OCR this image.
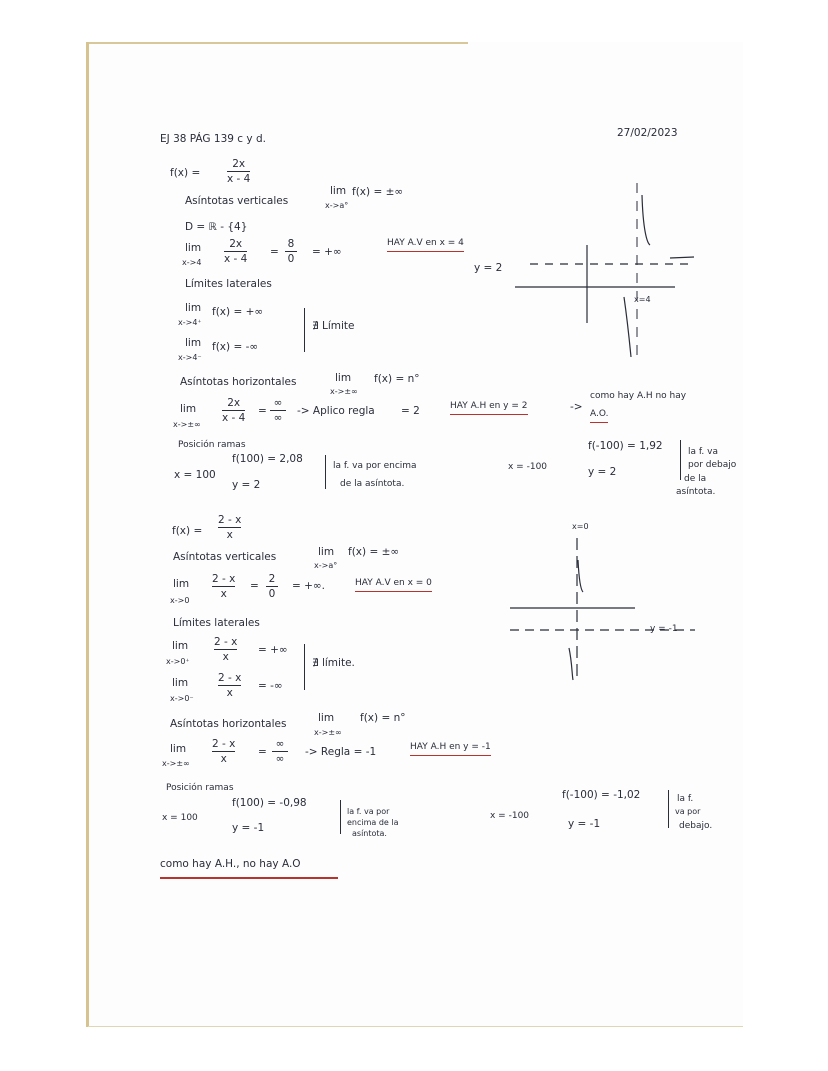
EJ 38 PÁG 139 c y d.	27/02/2023
f(x) =
2x
x - 4
Asíntotas verticales
lim
x->a°
f(x) = ±∞
D = ℝ - {4}
lim
x->4
2x
x - 4
=
8
0
= +∞
HAY A.V en x = 4
Límites laterales
lim
x->4⁺
f(x) = +∞
lim
x->4⁻
f(x) = -∞
∄ Límite
Asíntotas horizontales	lim
x->±∞
f(x) = n°
lim
x->±∞
2x
x - 4
=
∞
∞
-> Aplico regla	= 2	HAY A.H en y = 2	->
como hay A.H no hay
A.O.
Posición ramas
x = 100
f(100) = 2,08
y = 2
la f. va por encima
de la asíntota.
x = -100
f(-100) = 1,92
y = 2
la f. va
por debajo
de la
asíntota.
y = 2
x=4
f(x) =
2 - x
x
Asíntotas verticales	lim
x->a°
f(x) = ±∞
lim
x->0
2 - x
x
=
2
0
= +∞.	HAY A.V en x = 0
Límites laterales
lim
x->0⁺
2 - x
x
= +∞
lim
x->0⁻
2 - x
x
= -∞
∄ límite.
Asíntotas horizontales	lim
x->±∞
f(x) = n°
lim
x->±∞
2 - x
x
=
∞
∞
-> Regla = -1	HAY A.H en y = -1
Posición ramas
x = 100
f(100) = -0,98
y = -1
la f. va por
encima de la
asíntota.
x = -100
f(-100) = -1,02
y = -1
la f.
va por
debajo.
como hay A.H., no hay A.O
x=0
y = -1
